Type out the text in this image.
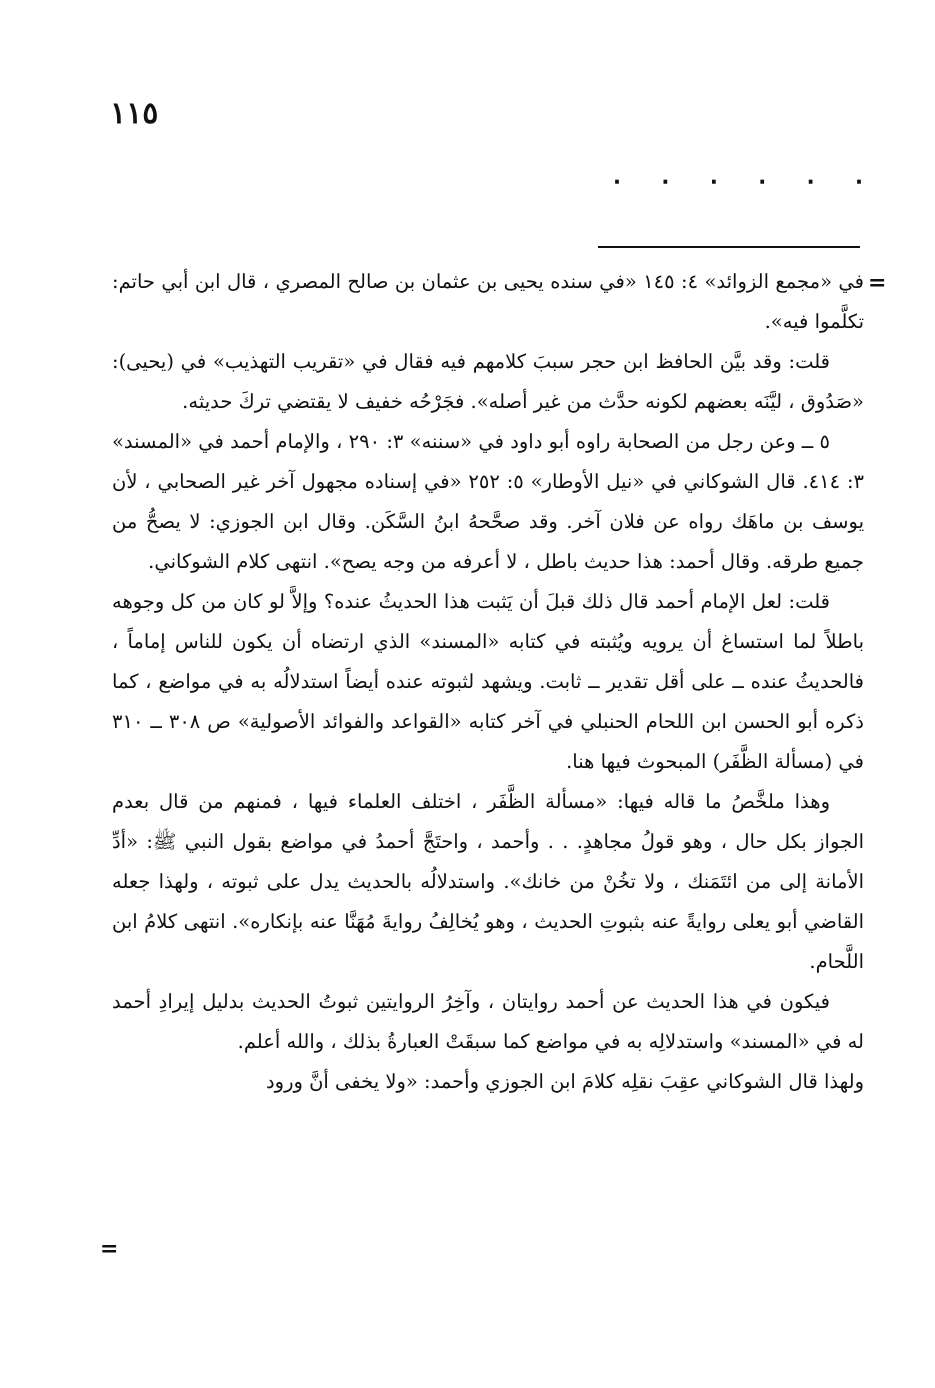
١١٥
٠ ٠ ٠ ٠ ٠ ٠
=

في «مجمع الزوائد» ٤: ١٤٥ «في سنده يحيى بن عثمان بن صالح المصري ، قال ابن أبي حاتم: تكلَّموا فيه».

قلت: وقد بيَّن الحافظ ابن حجر سببَ كلامهم فيه فقال في «تقريب التهذيب» في (يحيى): «صَدُوق ، ليَّنَه بعضهم لكونه حدَّث من غير أصله». فجَرْحُه خفيف لا يقتضي تركَ حديثه.

٥ ــ وعن رجل من الصحابة راوه أبو داود في «سننه» ٣: ٢٩٠ ، والإمام أحمد في «المسند» ٣: ٤١٤. قال الشوكاني في «نيل الأوطار» ٥: ٢٥٢ «في إسناده مجهول آخر غير الصحابي ، لأن يوسف بن ماهَك رواه عن فلان آخر. وقد صحَّحهُ ابنُ السَّكَن. وقال ابن الجوزي: لا يصحُّ من جميع طرقه. وقال أحمد: هذا حديث باطل ، لا أعرفه من وجه يصح». انتهى كلام الشوكاني.

قلت: لعل الإمام أحمد قال ذلك قبلَ أن يَثبت هذا الحديثُ عنده؟ وإلاَّ لو كان من كل وجوهه باطلاً لما استساغ أن يرويه ويُثبته في كتابه «المسند» الذي ارتضاه أن يكون للناس إماماً ، فالحديثُ عنده ــ على أقل تقدير ــ ثابت. ويشهد لثبوته عنده أيضاً استدلالُه به في مواضع ، كما ذكره أبو الحسن ابن اللحام الحنبلي في آخر كتابه «القواعد والفوائد الأصولية» ص ٣٠٨ ــ ٣١٠ في (مسألة الظَّفَر) المبحوث فيها هنا.

وهذا ملخَّصُ ما قاله فيها: «مسألة الظَّفَر ، اختلف العلماء فيها ، فمنهم من قال بعدم الجواز بكل حال ، وهو قولُ مجاهدٍ. . . وأحمد ، واحتَجَّ أحمدُ في مواضع بقول النبي ﷺ: «أدِّ الأمانة إلى من ائتَمَنك ، ولا تخُنْ من خانك». واستدلالُه بالحديث يدل على ثبوته ، ولهذا جعله القاضي أبو يعلى روايةً عنه بثبوتِ الحديث ، وهو يُخالِفُ روايةَ مُهَنَّا عنه بإنكاره». انتهى كلامُ ابن اللَّحام.

فيكون في هذا الحديث عن أحمد روايتان ، وآخِرُ الروايتين ثبوتُ الحديث بدليل إيرادِ أحمد له في «المسند» واستدلالِه به في مواضع كما سبقَتْ العبارةُ بذلك ، والله أعلم.

ولهذا قال الشوكاني عقِبَ نقلِه كلامَ ابن الجوزي وأحمد: «ولا يخفى أنَّ ورود

=
